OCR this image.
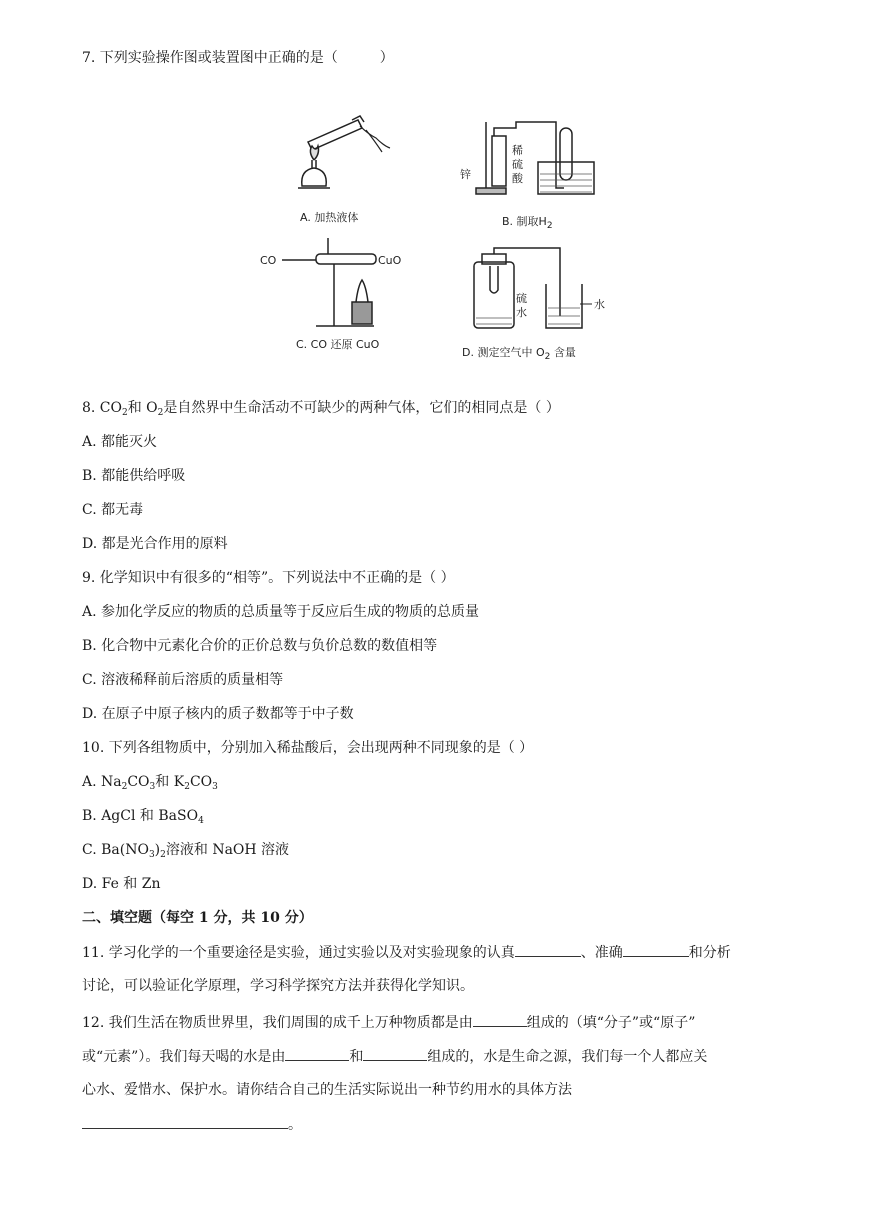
7. 下列实验操作图或装置图中正确的是（　　　）
A. 加热液体
锌
稀
硫
酸
B. 制取$H_2$
CO	CuO
C. CO 还原 CuO
硫
水
水
D. 测定空气中 $O_2$ 含量
8. $CO_2$和 $O_2$是自然界中生命活动不可缺少的两种气体，它们的相同点是（ ）
A. 都能灭火
B. 都能供给呼吸
C. 都无毒
D. 都是光合作用的原料
9. 化学知识中有很多的“相等”。下列说法中不正确的是（ ）
A. 参加化学反应的物质的总质量等于反应后生成的物质的总质量
B. 化合物中元素化合价的正价总数与负价总数的数值相等
C. 溶液稀释前后溶质的质量相等
D. 在原子中原子核内的质子数都等于中子数
10. 下列各组物质中，分别加入稀盐酸后，会出现两种不同现象的是（ ）
A. $Na_2CO_3$和 $K_2CO_3$
B. AgCl 和 BaSO$_4$
C. $Ba(NO_3)_2$溶液和 NaOH 溶液
D. Fe 和 Zn
二、填空题（每空 1 分，共 10 分）
11. 学习化学的一个重要途径是实验，通过实验以及对实验现象的认真	、准确	和分析
讨论，可以验证化学原理，学习科学探究方法并获得化学知识。
12. 我们生活在物质世界里，我们周围的成千上万种物质都是由	组成的（填“分子”或“原子”
或“元素”）。我们每天喝的水是由	和	组成的，水是生命之源，我们每一个人都应关
心水、爱惜水、保护水。请你结合自己的生活实际说出一种节约用水的具体方法
。
